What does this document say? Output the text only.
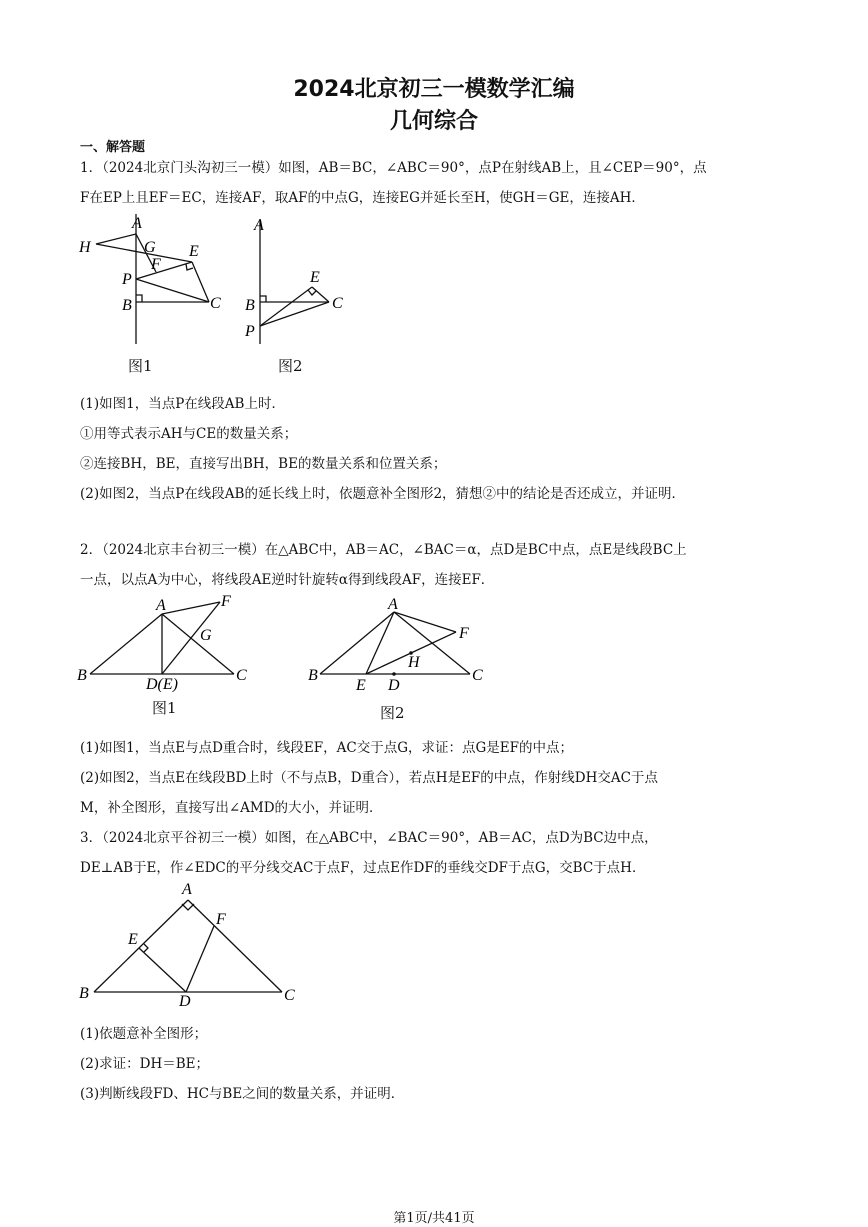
2024北京初三一模数学汇编
几何综合
一、解答题
1．（2024北京门头沟初三一模）如图，AB＝BC，∠ABC＝90°，点P在射线AB上，且∠CEP＝90°，点
F在EP上且EF＝EC，连接AF，取AF的中点G，连接EG并延长至H，使GH＝GE，连接AH．
A
H	G E
F
P
B	C
图1
A
E
B	C
P
图2
(1)如图1，当点P在线段AB上时．
①用等式表示AH与CE的数量关系；
②连接BH，BE，直接写出BH，BE的数量关系和位置关系；
(2)如图2，当点P在线段AB的延长线上时，依题意补全图形2，猜想②中的结论是否还成立，并证明．
2．（2024北京丰台初三一模）在△ABC中，AB＝AC，∠BAC＝α，点D是BC中点，点E是线段BC上
一点，以点A为中心，将线段AE逆时针旋转α得到线段AF，连接EF．
A	F
G
B
D(E)
C
图1
A
F
H
B
E D
C
图2
(1)如图1，当点E与点D重合时，线段EF，AC交于点G，求证：点G是EF的中点；
(2)如图2，当点E在线段BD上时（不与点B，D重合），若点H是EF的中点，作射线DH交AC于点
M，补全图形，直接写出∠AMD的大小，并证明．
3．（2024北京平谷初三一模）如图，在△ABC中，∠BAC＝90°，AB＝AC，点D为BC边中点，
DE⊥AB于E，作∠EDC的平分线交AC于点F，过点E作DF的垂线交DF于点G，交BC于点H．
A
F
E
B	D	C
(1)依题意补全图形；
(2)求证：DH＝BE；
(3)判断线段FD、HC与BE之间的数量关系，并证明．
第1页/共41页
